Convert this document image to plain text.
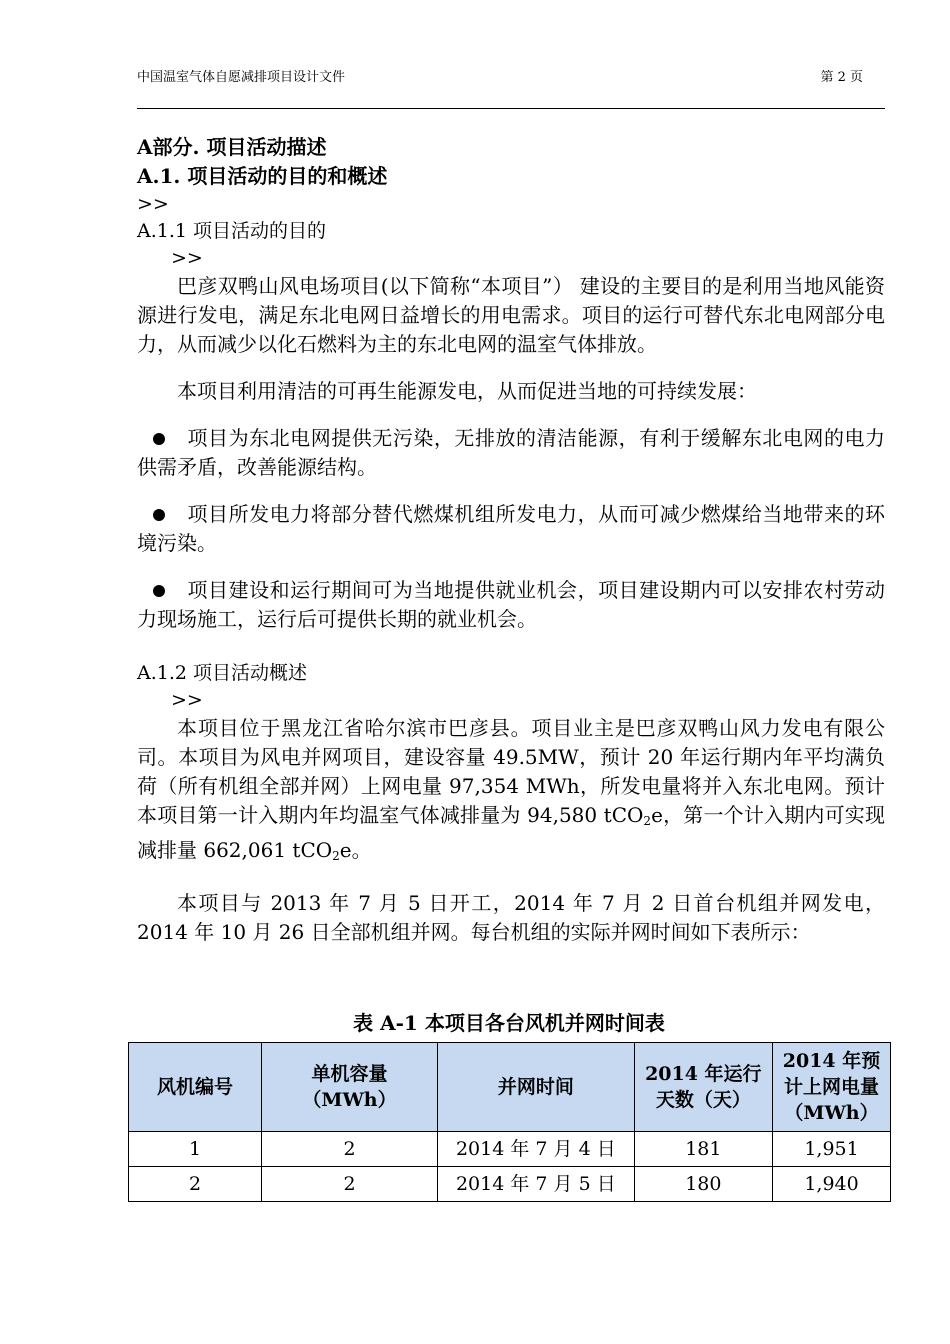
中国温室气体自愿减排项目设计文件	第 2 页

A部分. 项目活动描述

A.1. 项目活动的目的和概述

>>

A.1.1 项目活动的目的

>>

巴彦双鸭山风电场项目(以下简称“本项目”） 建设的主要目的是利用当地风能资源进行发电，满足东北电网日益增长的用电需求。项目的运行可替代东北电网部分电力，从而减少以化石燃料为主的东北电网的温室气体排放。

本项目利用清洁的可再生能源发电，从而促进当地的可持续发展：

项目为东北电网提供无污染，无排放的清洁能源，有利于缓解东北电网的电力供需矛盾，改善能源结构。

项目所发电力将部分替代燃煤机组所发电力，从而可减少燃煤给当地带来的环境污染。

项目建设和运行期间可为当地提供就业机会，项目建设期内可以安排农村劳动力现场施工，运行后可提供长期的就业机会。

A.1.2 项目活动概述

>>

本项目位于黑龙江省哈尔滨市巴彦县。项目业主是巴彦双鸭山风力发电有限公司。本项目为风电并网项目，建设容量 49.5MW，预计 20 年运行期内年平均满负荷（所有机组全部并网）上网电量 97,354 MWh，所发电量将并入东北电网。预计本项目第一计入期内年均温室气体减排量为 94,580 tCO$_2$e，第一个计入期内可实现减排量 662,061 tCO$_2$e。

本项目与 2013 年 7 月 5 日开工，2014 年 7 月 2 日首台机组并网发电，2014 年 10 月 26 日全部机组并网。每台机组的实际并网时间如下表所示：

表 A-1 本项目各台风机并网时间表
风机编号	单机容量（MWh）	并网时间	2014 年运行天数（天）	2014 年预计上网电量（MWh）
1	2	2014 年 7 月 4 日	181	1,951
2	2	2014 年 7 月 5 日	180	1,940
